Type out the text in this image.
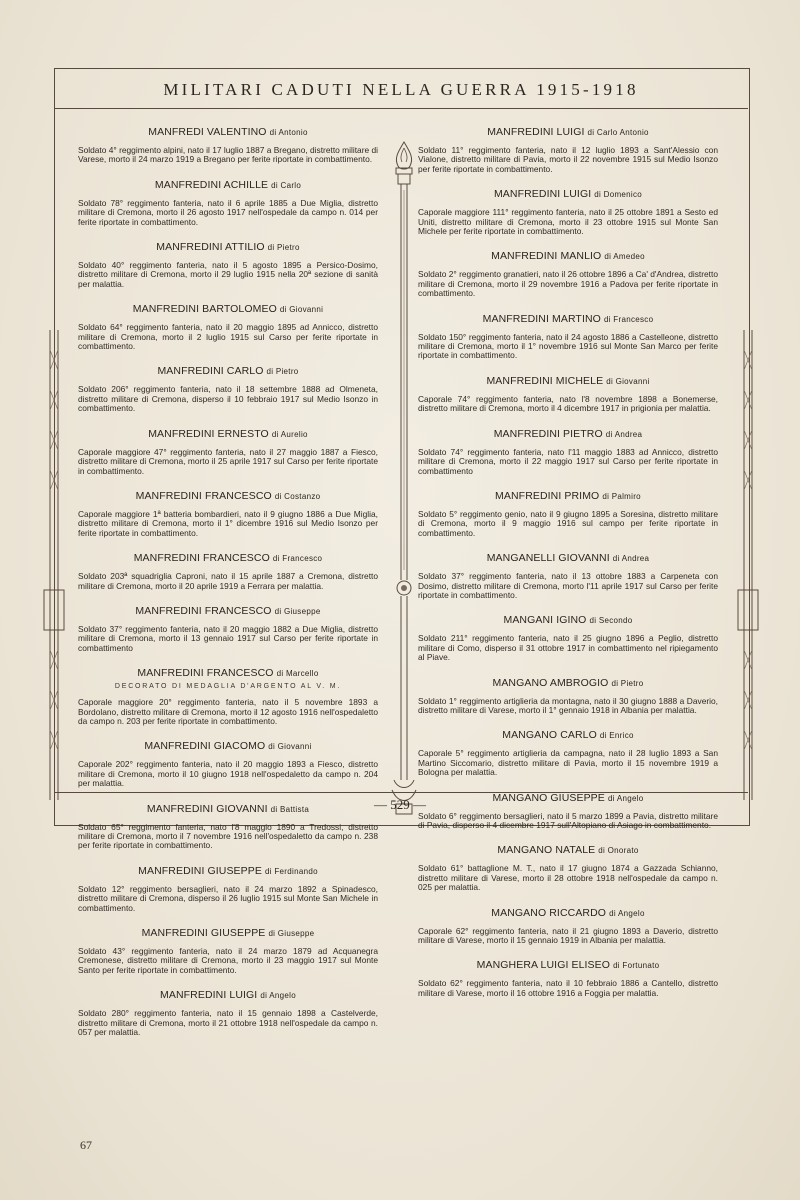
MILITARI CADUTI NELLA GUERRA 1915-1918
MANFREDI VALENTINO di Antonio

Soldato 4° reggimento alpini, nato il 17 luglio 1887 a Bregano, distretto militare di Varese, morto il 24 marzo 1919 a Bregano per ferite riportate in combattimento.

MANFREDINI ACHILLE di Carlo

Soldato 78° reggimento fanteria, nato il 6 aprile 1885 a Due Miglia, distretto militare di Cremona, morto il 26 agosto 1917 nell'ospedale da campo n. 014 per ferite riportate in combattimento.

MANFREDINI ATTILIO di Pietro

Soldato 40° reggimento fanteria, nato il 5 agosto 1895 a Persico-Dosimo, distretto militare di Cremona, morto il 29 luglio 1915 nella 20ª sezione di sanità per malattia.

MANFREDINI BARTOLOMEO di Giovanni

Soldato 64° reggimento fanteria, nato il 20 maggio 1895 ad Annicco, distretto militare di Cremona, morto il 2 luglio 1915 sul Carso per ferite riportate in combattimento.

MANFREDINI CARLO di Pietro

Soldato 206° reggimento fanteria, nato il 18 settembre 1888 ad Olmeneta, distretto militare di Cremona, disperso il 10 febbraio 1917 sul Medio Isonzo in combattimento.

MANFREDINI ERNESTO di Aurelio

Caporale maggiore 47° reggimento fanteria, nato il 27 maggio 1887 a Fiesco, distretto militare di Cremona, morto il 25 aprile 1917 sul Carso per ferite riportate in combattimento.

MANFREDINI FRANCESCO di Costanzo

Caporale maggiore 1ª batteria bombardieri, nato il 9 giugno 1886 a Due Miglia, distretto militare di Cremona, morto il 1° dicembre 1916 sul Medio Isonzo per ferite riportate in combattimento.

MANFREDINI FRANCESCO di Francesco

Soldato 203ª squadriglia Caproni, nato il 15 aprile 1887 a Cremona, distretto militare di Cremona, morto il 20 aprile 1919 a Ferrara per malattia.

MANFREDINI FRANCESCO di Giuseppe

Soldato 37° reggimento fanteria, nato il 20 maggio 1882 a Due Miglia, distretto militare di Cremona, morto il 13 gennaio 1917 sul Carso per ferite riportate in combattimento

MANFREDINI FRANCESCO di Marcello
DECORATO DI MEDAGLIA D'ARGENTO AL V. M.

Caporale maggiore 20° reggimento fanteria, nato il 5 novembre 1893 a Bordolano, distretto militare di Cremona, morto il 12 agosto 1916 nell'ospedaletto da campo n. 203 per ferite riportate in combattimento.

MANFREDINI GIACOMO di Giovanni

Caporale 202° reggimento fanteria, nato il 20 maggio 1893 a Fiesco, distretto militare di Cremona, morto il 10 giugno 1918 nell'ospedaletto da campo n. 204 per malattia.

MANFREDINI GIOVANNI di Battista

Soldato 65° reggimento fanteria, nato l'8 maggio 1890 a Tredossi, distretto militare di Cremona, morto il 7 novembre 1916 nell'ospedaletto da campo n. 238 per ferite riportate in combattimento.

MANFREDINI GIUSEPPE di Ferdinando

Soldato 12° reggimento bersaglieri, nato il 24 marzo 1892 a Spinadesco, distretto militare di Cremona, disperso il 26 luglio 1915 sul Monte San Michele in combattimento.

MANFREDINI GIUSEPPE di Giuseppe

Soldato 43° reggimento fanteria, nato il 24 marzo 1879 ad Acquanegra Cremonese, distretto militare di Cremona, morto il 23 maggio 1917 sul Monte Santo per ferite riportate in combattimento.

MANFREDINI LUIGI di Angelo

Soldato 280° reggimento fanteria, nato il 15 gennaio 1898 a Castelverde, distretto militare di Cremona, morto il 21 ottobre 1918 nell'ospedale da campo n. 057 per malattia.

MANFREDINI LUIGI di Carlo Antonio

Soldato 11° reggimento fanteria, nato il 12 luglio 1893 a Sant'Alessio con Vialone, distretto militare di Pavia, morto il 22 novembre 1915 sul Medio Isonzo per ferite riportate in combattimento.

MANFREDINI LUIGI di Domenico

Caporale maggiore 111° reggimento fanteria, nato il 25 ottobre 1891 a Sesto ed Uniti, distretto militare di Cremona, morto il 23 ottobre 1915 sul Monte San Michele per ferite riportate in combattimento.

MANFREDINI MANLIO di Amedeo

Soldato 2° reggimento granatieri, nato il 26 ottobre 1896 a Ca' d'Andrea, distretto militare di Cremona, morto il 29 novembre 1916 a Padova per ferite riportate in combattimento.

MANFREDINI MARTINO di Francesco

Soldato 150° reggimento fanteria, nato il 24 agosto 1886 a Castelleone, distretto militare di Cremona, morto il 1° novembre 1916 sul Monte San Marco per ferite riportate in combattimento.

MANFREDINI MICHELE di Giovanni

Caporale 74° reggimento fanteria, nato l'8 novembre 1898 a Bonemerse, distretto militare di Cremona, morto il 4 dicembre 1917 in prigionia per malattia.

MANFREDINI PIETRO di Andrea

Soldato 74° reggimento fanteria, nato l'11 maggio 1883 ad Annicco, distretto militare di Cremona, morto il 22 maggio 1917 sul Carso per ferite riportate in combattimento

MANFREDINI PRIMO di Palmiro

Soldato 5° reggimento genio, nato il 9 giugno 1895 a Soresina, distretto militare di Cremona, morto il 9 maggio 1916 sul campo per ferite riportate in combattimento.

MANGANELLI GIOVANNI di Andrea

Soldato 37° reggimento fanteria, nato il 13 ottobre 1883 a Carpeneta con Dosimo, distretto militare di Cremona, morto l'11 aprile 1917 sul Carso per ferite riportate in combattimento.

MANGANI IGINO di Secondo

Soldato 211° reggimento fanteria, nato il 25 giugno 1896 a Peglio, distretto militare di Como, disperso il 31 ottobre 1917 in combattimento nel ripiegamento al Piave.

MANGANO AMBROGIO di Pietro

Soldato 1° reggimento artiglieria da montagna, nato il 30 giugno 1888 a Daverio, distretto militare di Varese, morto il 1° gennaio 1918 in Albania per malattia.

MANGANO CARLO di Enrico

Caporale 5° reggimento artiglieria da campagna, nato il 28 luglio 1893 a San Martino Siccomario, distretto militare di Pavia, morto il 15 novembre 1919 a Bologna per malattia.

MANGANO GIUSEPPE di Angelo

Soldato 6° reggimento bersaglieri, nato il 5 marzo 1899 a Pavia, distretto militare di Pavia, disperso il 4 dicembre 1917 sull'Altopiano di Asiago in combattimento.

MANGANO NATALE di Onorato

Soldato 61° battaglione M. T., nato il 17 giugno 1874 a Gazzada Schianno, distretto militare di Varese, morto il 28 ottobre 1918 nell'ospedale da campo n. 025 per malattia.

MANGANO RICCARDO di Angelo

Caporale 62° reggimento fanteria, nato il 21 giugno 1893 a Daverio, distretto militare di Varese, morto il 15 gennaio 1919 in Albania per malattia.

MANGHERA LUIGI ELISEO di Fortunato

Soldato 62° reggimento fanteria, nato il 10 febbraio 1886 a Cantello, distretto militare di Varese, morto il 16 ottobre 1916 a Foggia per malattia.

— 529 —
67
